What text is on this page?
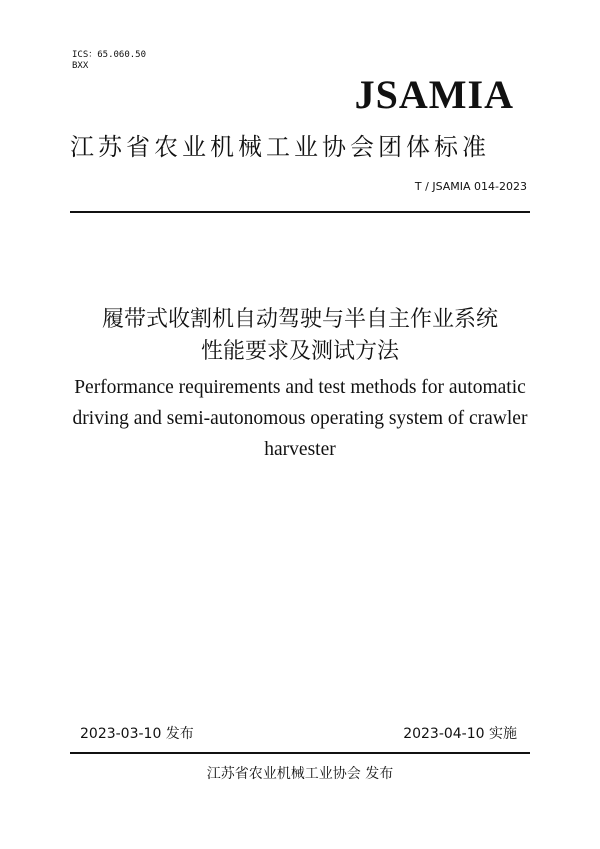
ICS：65.060.50
BXX
JSAMIA
江苏省农业机械工业协会团体标准
T / JSAMIA 014-2023
履带式收割机自动驾驶与半自主作业系统
性能要求及测试方法
Performance requirements and test methods for automatic
driving and semi-autonomous operating system of crawler
harvester
2023-03-10 发布	2023-04-10 实施
江苏省农业机械工业协会 发布
